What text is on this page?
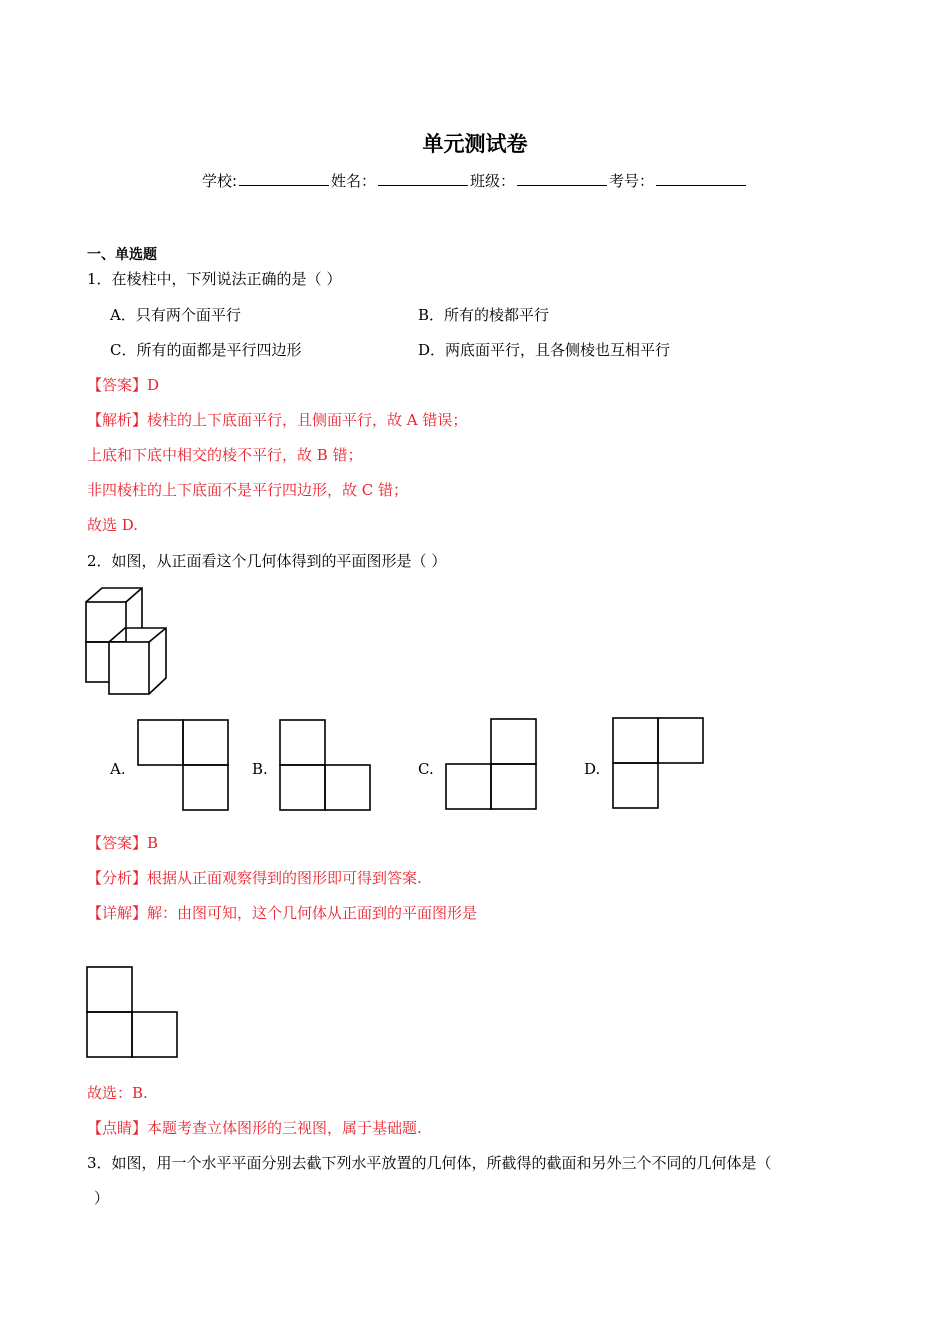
单元测试卷
学校:	姓名：	班级：	考号：
一、单选题
1．在棱柱中，下列说法正确的是（ ）
A．只有两个面平行	B．所有的棱都平行
C．所有的面都是平行四边形	D．两底面平行，且各侧棱也互相平行
【答案】D
【解析】棱柱的上下底面平行，且侧面平行，故 A 错误；
上底和下底中相交的棱不平行，故 B 错；
非四棱柱的上下底面不是平行四边形，故 C 错；
故选 D.
2．如图，从正面看这个几何体得到的平面图形是（ ）
A.	B.	C.	D.
【答案】B
【分析】根据从正面观察得到的图形即可得到答案.
【详解】解：由图可知，这个几何体从正面到的平面图形是
故选：B.
【点睛】本题考查立体图形的三视图，属于基础题.
3．如图，用一个水平平面分别去截下列水平放置的几何体，所截得的截面和另外三个不同的几何体是（
）
